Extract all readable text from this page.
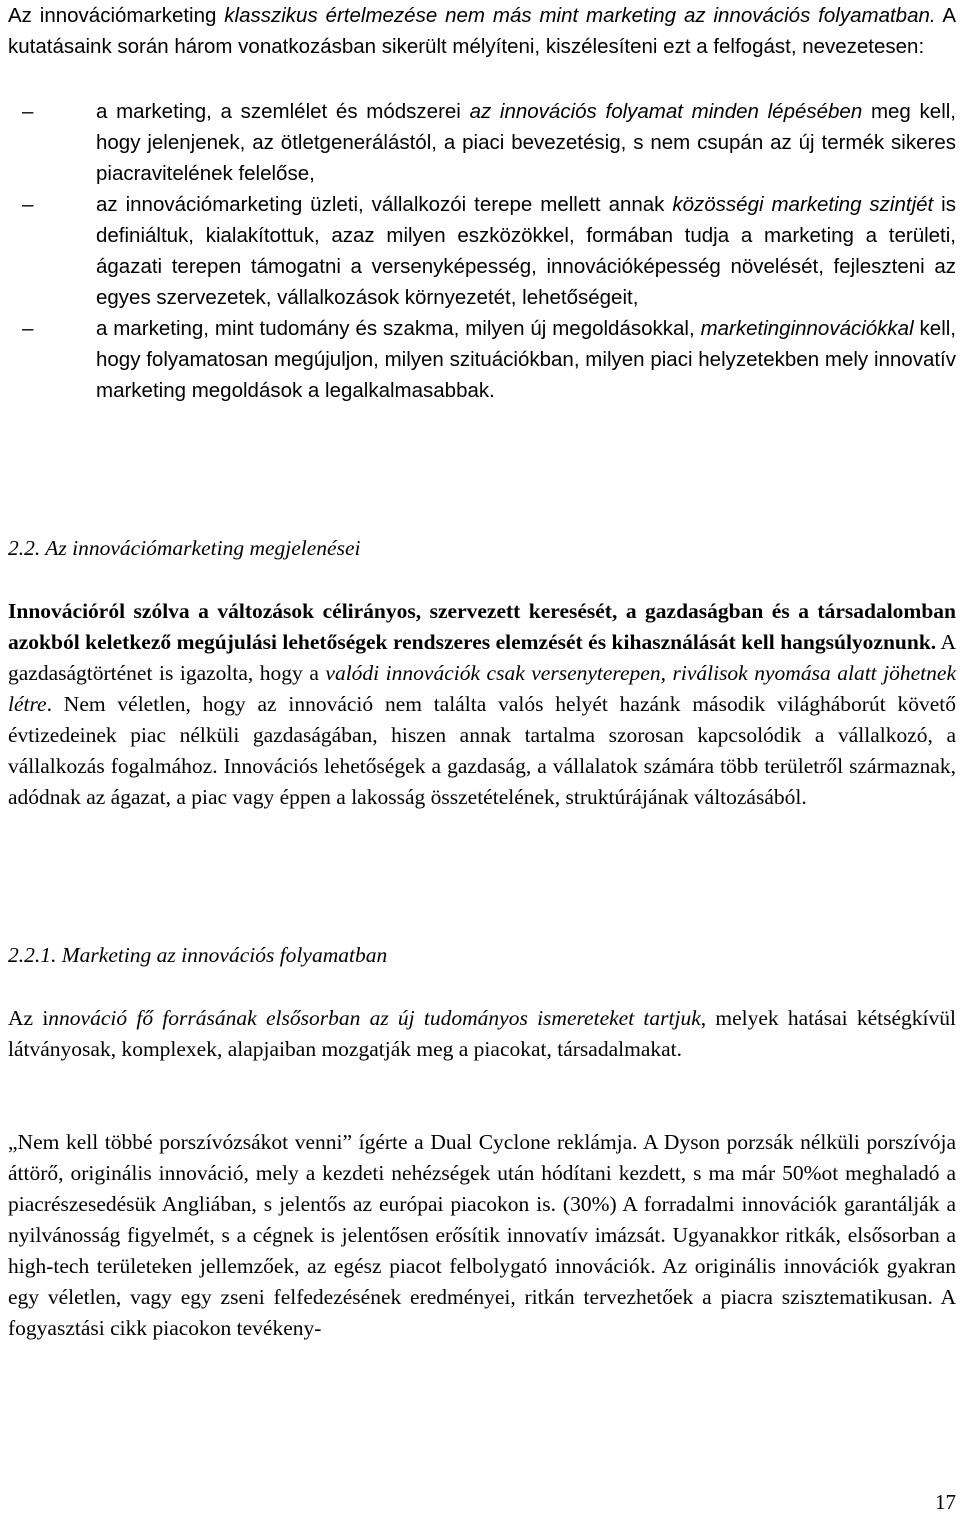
Az innovációmarketing klasszikus értelmezése nem más mint marketing az innovációs folyamatban. A kutatásaink során három vonatkozásban sikerült mélyíteni, kiszélesíteni ezt a felfogást, nevezetesen:

–	a marketing, a szemlélet és módszerei az innovációs folyamat minden lépésében meg kell, hogy jelenjenek, az ötletgenerálástól, a piaci bevezetésig, s nem csupán az új termék sikeres piacravitelének felelőse,
–	az innovációmarketing üzleti, vállalkozói terepe mellett annak közösségi marketing szintjét is definiáltuk, kialakítottuk, azaz milyen eszközökkel, formában tudja a marketing a területi, ágazati terepen támogatni a versenyképesség, innovációképesség növelését, fejleszteni az egyes szervezetek, vállalkozások környezetét, lehetőségeit,
–	a marketing, mint tudomány és szakma, milyen új megoldásokkal, marketinginnovációkkal kell, hogy folyamatosan megújuljon, milyen szituációkban, milyen piaci helyzetekben mely innovatív marketing megoldások a legalkalmasabbak.

2.2. Az innovációmarketing megjelenései

Innovációról szólva a változások célirányos, szervezett keresését, a gazdaságban és a társadalomban azokból keletkező megújulási lehetőségek rendszeres elemzését és kihasználását kell hangsúlyoznunk. A gazdaságtörténet is igazolta, hogy a valódi innovációk csak versenyterepen, riválisok nyomása alatt jöhetnek létre. Nem véletlen, hogy az innováció nem találta valós helyét hazánk második világháborút követő évtizedeinek piac nélküli gazdaságában, hiszen annak tartalma szorosan kapcsolódik a vállalkozó, a vállalkozás fogalmához. Innovációs lehetőségek a gazdaság, a vállalatok számára több területről származnak, adódnak az ágazat, a piac vagy éppen a lakosság összetételének, struktúrájának változásából.

2.2.1. Marketing az innovációs folyamatban

Az innováció fő forrásának elsősorban az új tudományos ismereteket tartjuk, melyek hatásai kétségkívül látványosak, komplexek, alapjaiban mozgatják meg a piacokat, társadalmakat.

„Nem kell többé porszívózsákot venni” ígérte a Dual Cyclone reklámja. A Dyson porzsák nélküli porszívója áttörő, originális innováció, mely a kezdeti nehézségek után hódítani kezdett, s ma már 50%ot meghaladó a piacrészesedésük Angliában, s jelentős az európai piacokon is. (30%) A forradalmi innovációk garantálják a nyilvánosság figyelmét, s a cégnek is jelentősen erősítik innovatív imázsát. Ugyanakkor ritkák, elsősorban a high-tech területeken jellemzőek, az egész piacot felbolygató innovációk. Az originális innovációk gyakran egy véletlen, vagy egy zseni felfedezésének eredményei, ritkán tervezhetőek a piacra szisztematikusan. A fogyasztási cikk piacokon tevékeny-

17
